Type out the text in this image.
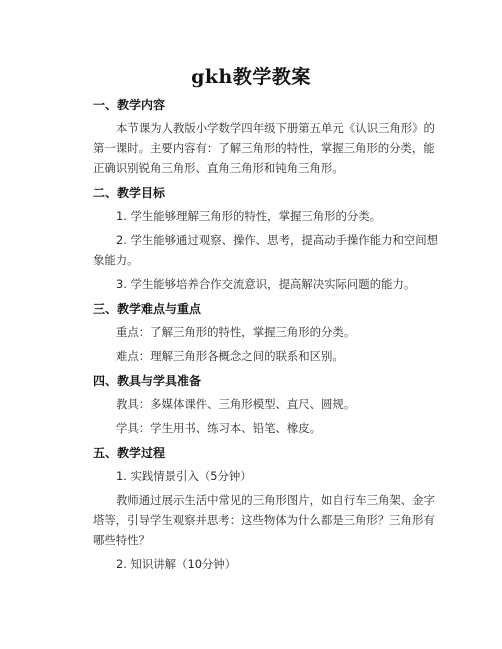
gkh教学教案
一、教学内容

本节课为人教版小学数学四年级下册第五单元《认识三角形》的

第一课时。主要内容有：了解三角形的特性，掌握三角形的分类，能

正确识别锐角三角形、直角三角形和钝角三角形。

二、教学目标

1. 学生能够理解三角形的特性，掌握三角形的分类。

2. 学生能够通过观察、操作、思考，提高动手操作能力和空间想

象能力。

3. 学生能够培养合作交流意识，提高解决实际问题的能力。

三、教学难点与重点

重点：了解三角形的特性，掌握三角形的分类。

难点：理解三角形各概念之间的联系和区别。

四、教具与学具准备

教具：多媒体课件、三角形模型、直尺、圆规。

学具：学生用书、练习本、铅笔、橡皮。

五、教学过程

1. 实践情景引入（5分钟）

教师通过展示生活中常见的三角形图片，如自行车三角架、金字

塔等，引导学生观察并思考：这些物体为什么都是三角形？三角形有

哪些特性？

2. 知识讲解（10分钟）
